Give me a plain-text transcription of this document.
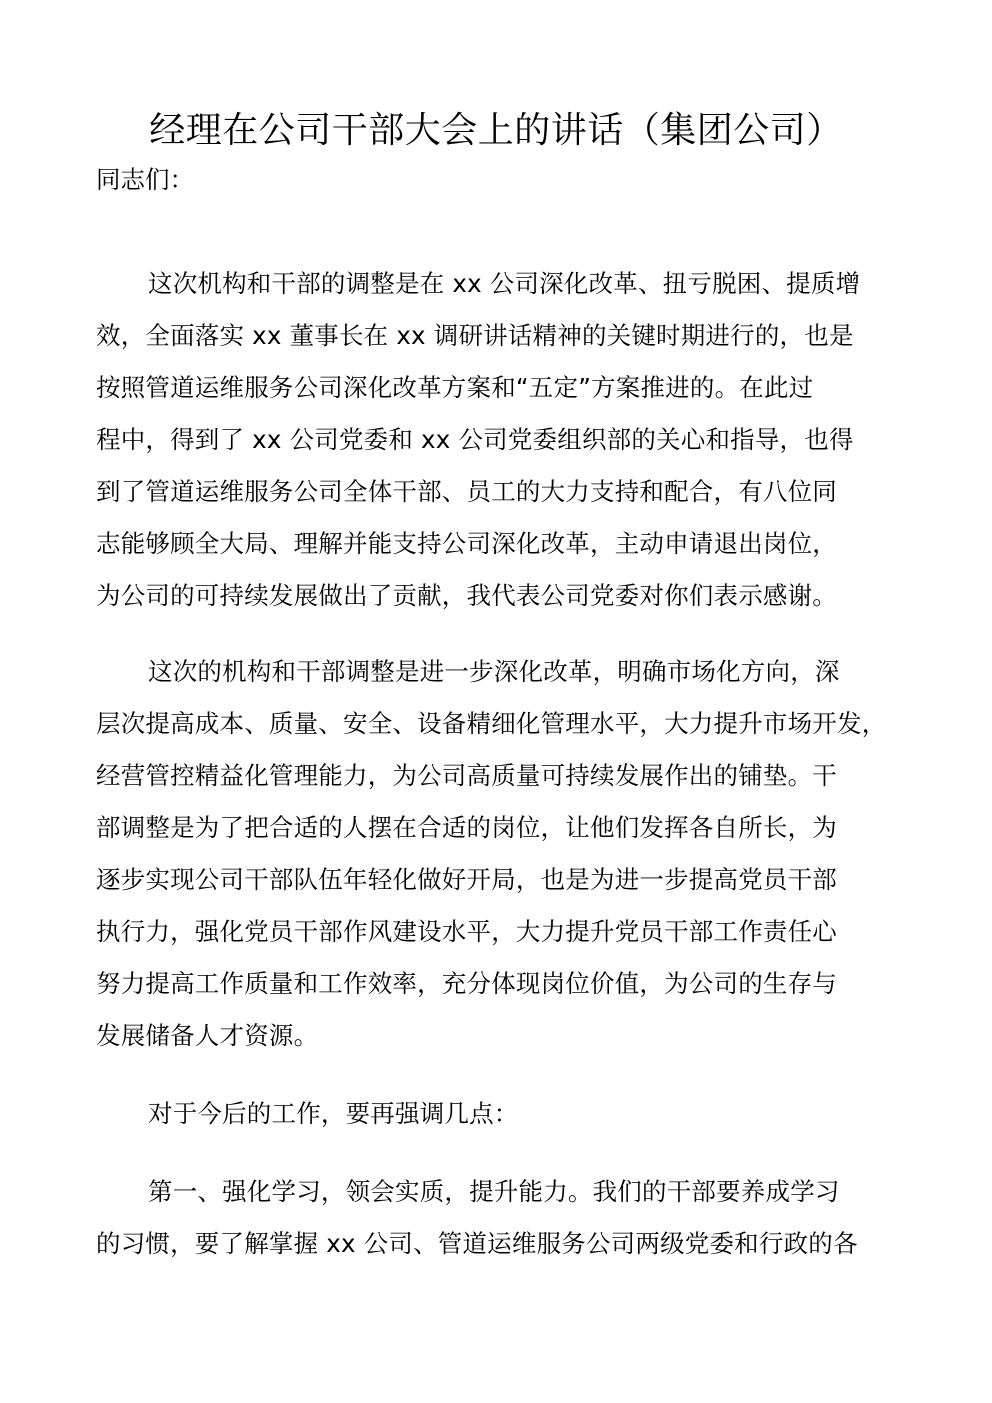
经理在公司干部大会上的讲话（集团公司）

同志们：

这次机构和干部的调整是在 xx 公司深化改革、扭亏脱困、提质增
效，全面落实 xx 董事长在 xx 调研讲话精神的关键时期进行的，也是
按照管道运维服务公司深化改革方案和“五定”方案推进的。在此过
程中，得到了 xx 公司党委和 xx 公司党委组织部的关心和指导，也得
到了管道运维服务公司全体干部、员工的大力支持和配合，有八位同
志能够顾全大局、理解并能支持公司深化改革，主动申请退出岗位，
为公司的可持续发展做出了贡献，我代表公司党委对你们表示感谢。
这次的机构和干部调整是进一步深化改革，明确市场化方向，深
层次提高成本、质量、安全、设备精细化管理水平，大力提升市场开发，
经营管控精益化管理能力，为公司高质量可持续发展作出的铺垫。干
部调整是为了把合适的人摆在合适的岗位，让他们发挥各自所长，为
逐步实现公司干部队伍年轻化做好开局，也是为进一步提高党员干部
执行力，强化党员干部作风建设水平，大力提升党员干部工作责任心
努力提高工作质量和工作效率，充分体现岗位价值，为公司的生存与
发展储备人才资源。
对于今后的工作，要再强调几点：
第一、强化学习，领会实质，提升能力。我们的干部要养成学习
的习惯，要了解掌握 xx 公司、管道运维服务公司两级党委和行政的各
